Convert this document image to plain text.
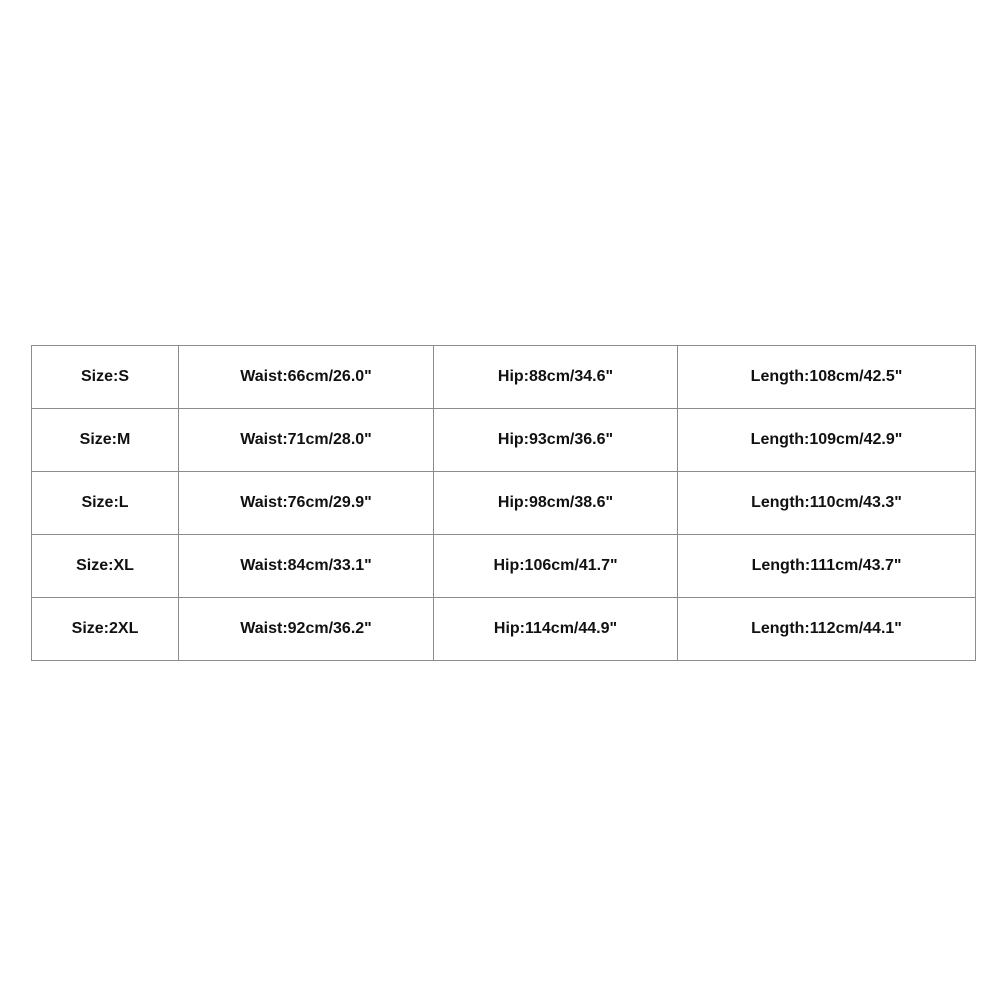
Size:S	Waist:66cm/26.0"	Hip:88cm/34.6"	Length:108cm/42.5"
Size:M	Waist:71cm/28.0"	Hip:93cm/36.6"	Length:109cm/42.9"
Size:L	Waist:76cm/29.9"	Hip:98cm/38.6"	Length:110cm/43.3"
Size:XL	Waist:84cm/33.1"	Hip:106cm/41.7"	Length:111cm/43.7"
Size:2XL	Waist:92cm/36.2"	Hip:114cm/44.9"	Length:112cm/44.1"
